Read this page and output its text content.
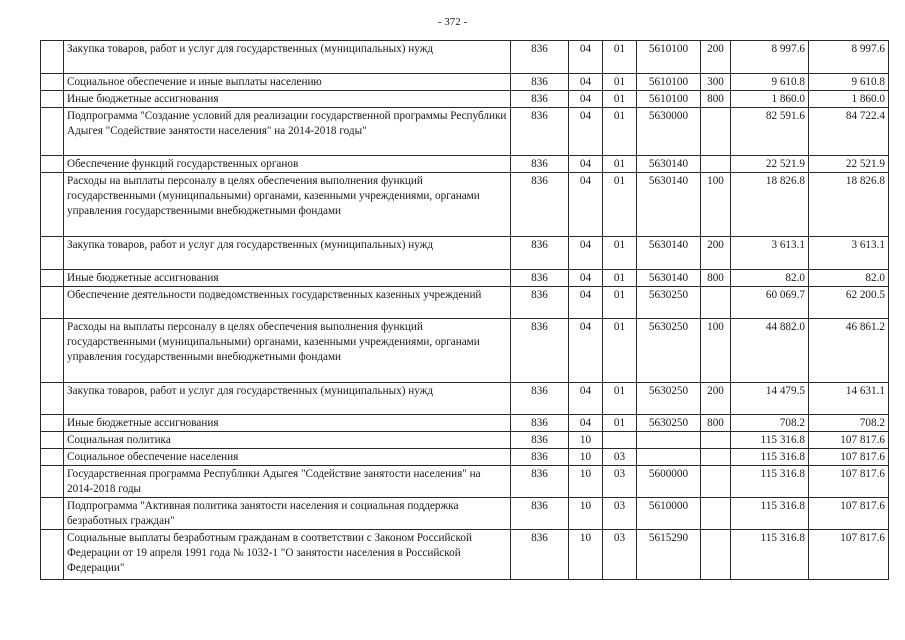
- 372 -
	Закупка товаров, работ и услуг для государственных (муниципальных) нужд	836	04	01	5610100	200	8 997.6	8 997.6
	Социальное обеспечение и иные выплаты населению	836	04	01	5610100	300	9 610.8	9 610.8
	Иные бюджетные ассигнования	836	04	01	5610100	800	1 860.0	1 860.0
	Подпрограмма "Создание условий для реализации государственной программы Республики Адыгея "Содействие занятости населения" на 2014-2018 годы"	836	04	01	5630000		82 591.6	84 722.4
	Обеспечение функций государственных органов	836	04	01	5630140		22 521.9	22 521.9
	Расходы на выплаты персоналу в целях обеспечения выполнения функций государственными (муниципальными) органами, казенными учреждениями, органами управления государственными внебюджетными фондами	836	04	01	5630140	100	18 826.8	18 826.8
	Закупка товаров, работ и услуг для государственных (муниципальных) нужд	836	04	01	5630140	200	3 613.1	3 613.1
	Иные бюджетные ассигнования	836	04	01	5630140	800	82.0	82.0
	Обеспечение деятельности подведомственных государственных казенных учреждений	836	04	01	5630250		60 069.7	62 200.5
	Расходы на выплаты персоналу в целях обеспечения выполнения функций государственными (муниципальными) органами, казенными учреждениями, органами управления государственными внебюджетными фондами	836	04	01	5630250	100	44 882.0	46 861.2
	Закупка товаров, работ и услуг для государственных (муниципальных) нужд	836	04	01	5630250	200	14 479.5	14 631.1
	Иные бюджетные ассигнования	836	04	01	5630250	800	708.2	708.2
	Социальная политика	836	10				115 316.8	107 817.6
	Социальное обеспечение населения	836	10	03			115 316.8	107 817.6
	Государственная программа Республики Адыгея "Содействие занятости населения" на 2014-2018 годы	836	10	03	5600000		115 316.8	107 817.6
	Подпрограмма "Активная политика занятости населения и социальная поддержка безработных граждан"	836	10	03	5610000		115 316.8	107 817.6
	Социальные выплаты безработным гражданам в соответствии с Законом Российской Федерации от 19 апреля 1991 года № 1032-1 "О занятости населения в Российской Федерации"	836	10	03	5615290		115 316.8	107 817.6
